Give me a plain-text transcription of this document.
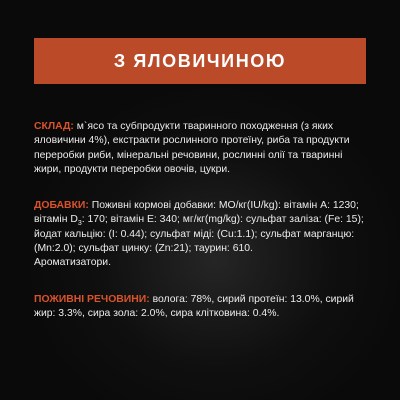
З ЯЛОВИЧИНОЮ

СКЛАД: м`ясо та субпродукти тваринного походження (з яких яловичини 4%), екстракти рослинного протеїну, риба та продукти переробки риби, мінеральні речовини, рослинні олії та тваринні жири, продукти переробки овочів, цукри.

ДОБАВКИ: Поживні кормові добавки: МО/кг(IU/kg): вітамін А: 1230; вітамін $D_3$: 170; вітамін Е: 340; мг/кг(mg/kg): сульфат заліза: (Fe: 15); йодат кальцію: (I: 0.44); сульфат міді: (Cu:1.1); сульфат марганцю: (Mn:2.0); сульфат цинку: (Zn:21); таурин: 610.
Ароматизатори.

ПОЖИВНІ РЕЧОВИНИ: волога: 78%, сирий протеїн: 13.0%, сирий жир: 3.3%, сира зола: 2.0%, сира клітковина: 0.4%.
